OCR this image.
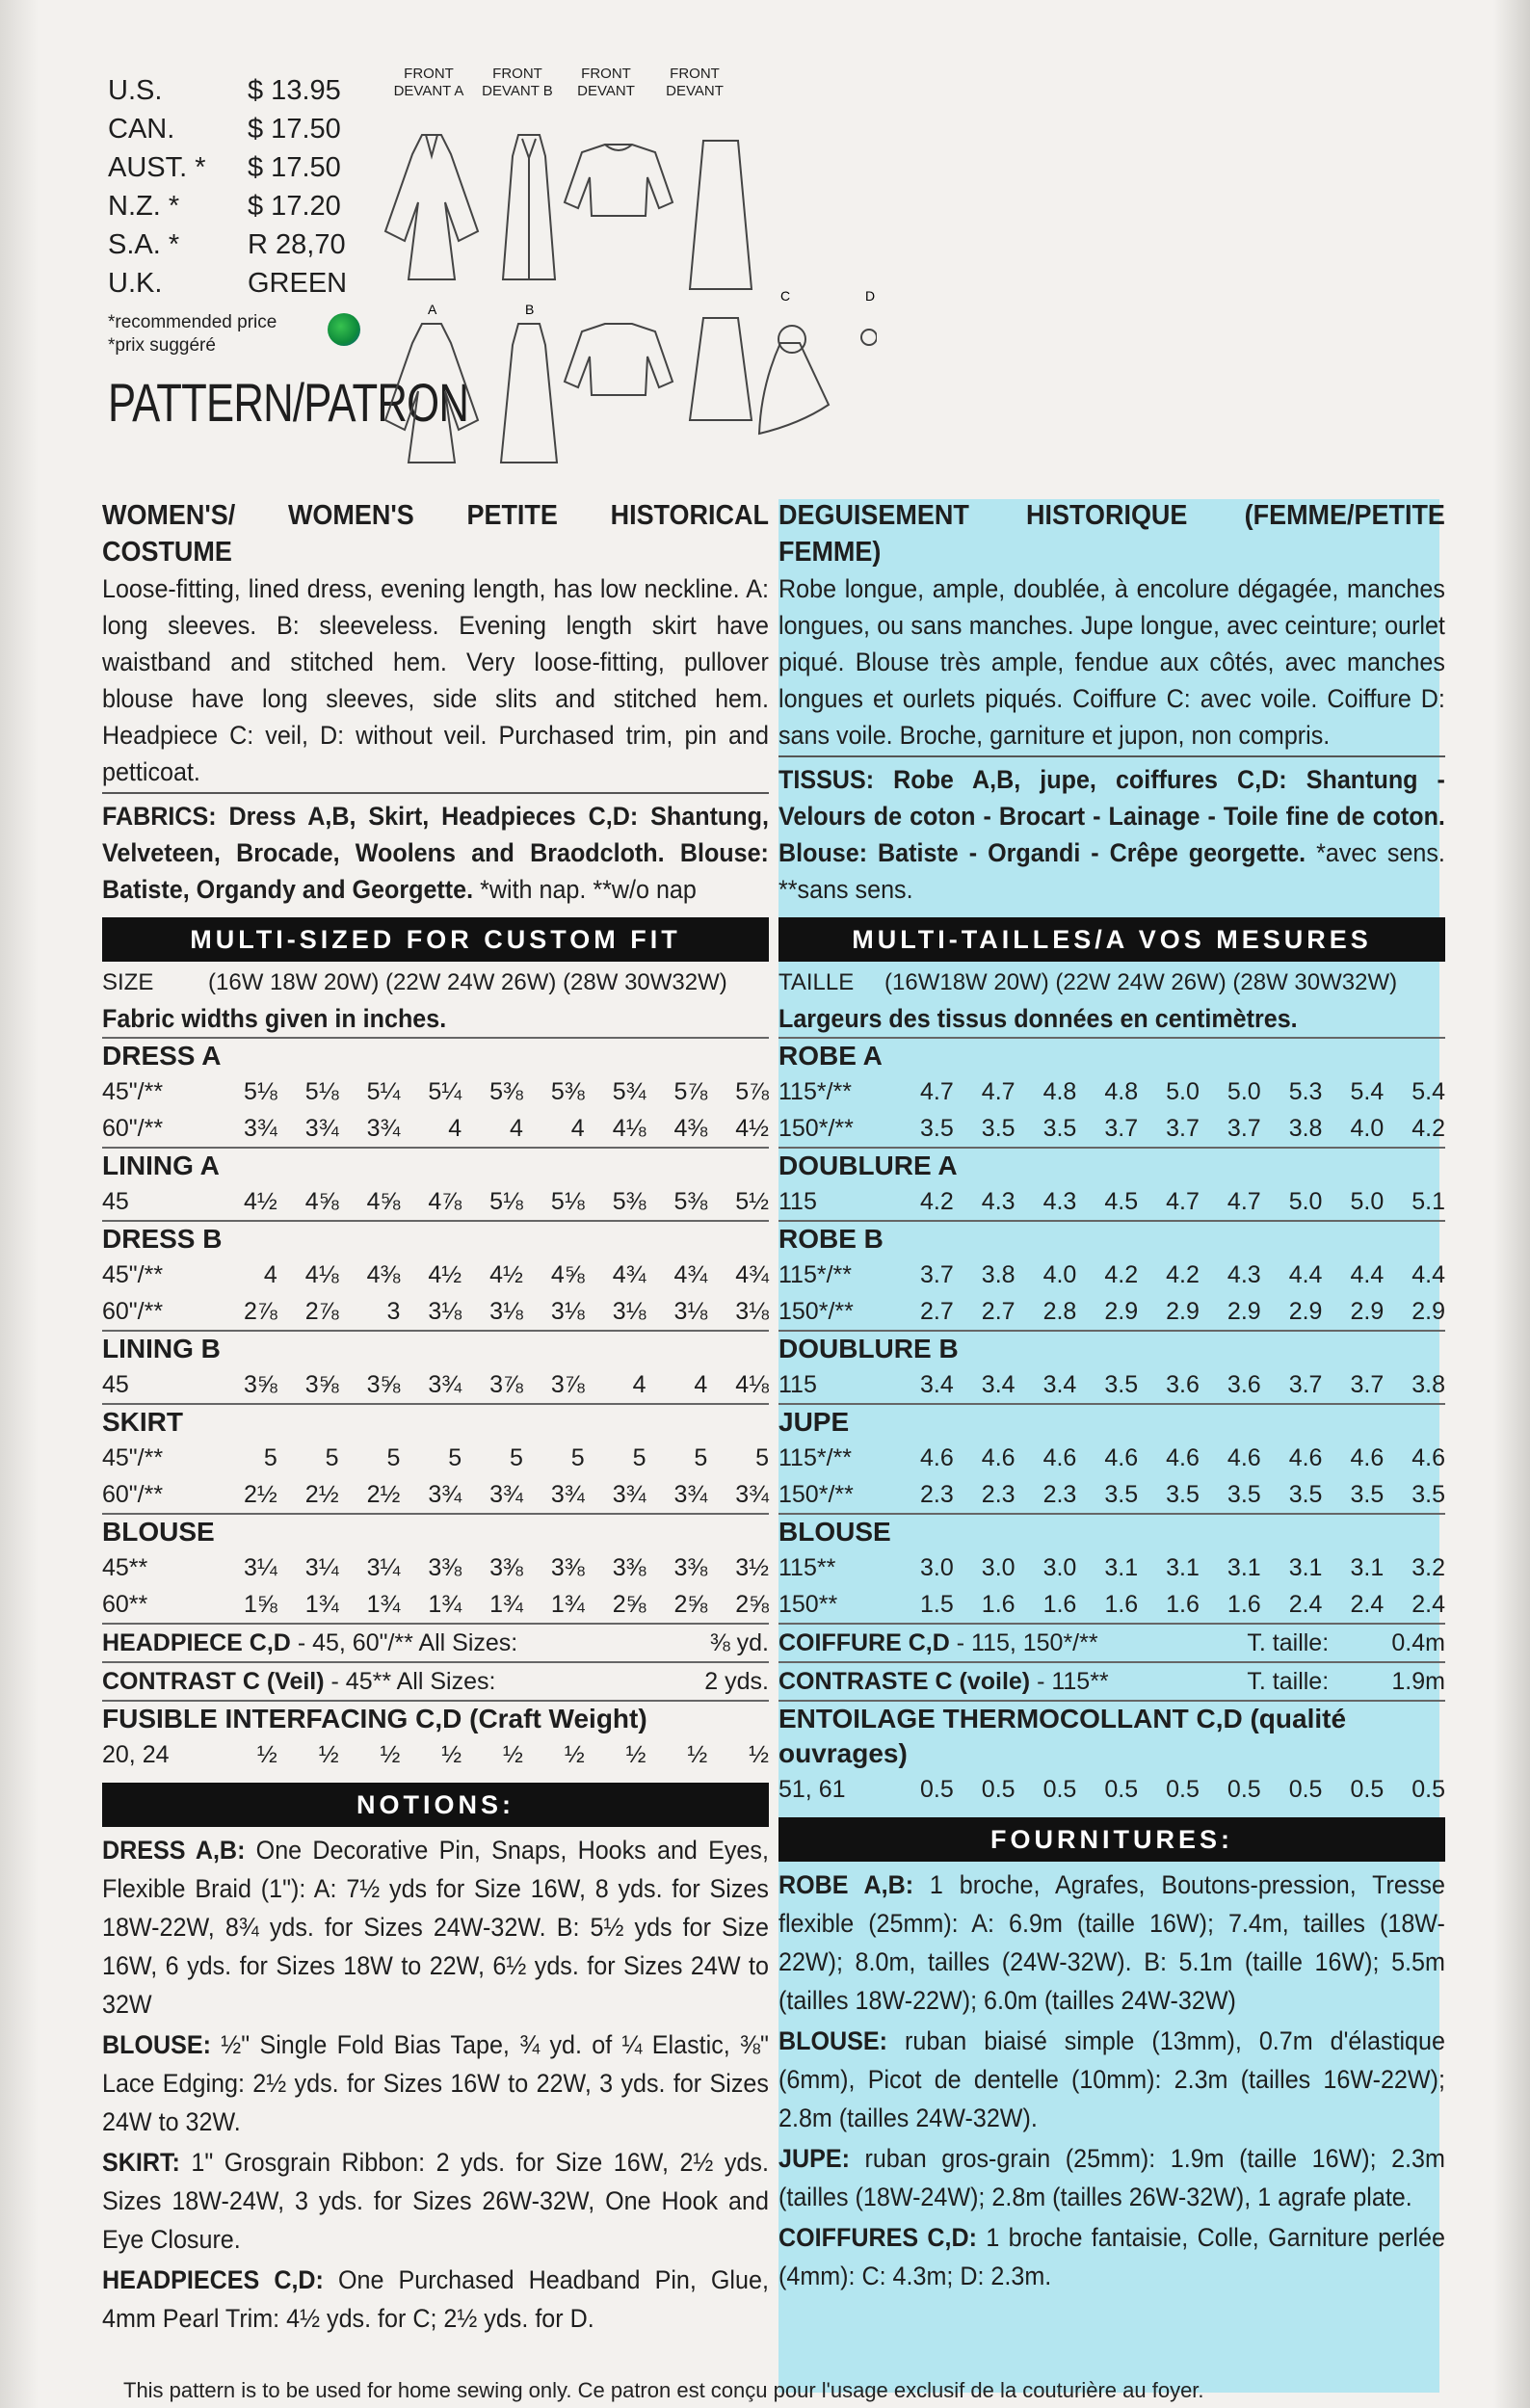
U.S.	$ 13.95
CAN.	$ 17.50
AUST. * $ 17.50
N.Z. * $ 17.20
S.A. * R 28,70
U.K.	GREEN
*recommended price
*prix suggéré
PATTERN/PATRON
FRONT DEVANT A
FRONT DEVANT B
FRONT DEVANT
FRONT DEVANT
A	B
C	D
WOMEN'S/ WOMEN'S PETITE HISTORICAL COSTUME
Loose-fitting, lined dress, evening length, has low neckline. A: long sleeves. B: sleeveless. Evening length skirt have waistband and stitched hem. Very loose-fitting, pullover blouse have long sleeves, side slits and stitched hem. Headpiece C: veil, D: without veil. Purchased trim, pin and petticoat.
FABRICS: Dress A,B, Skirt, Headpieces C,D: Shantung, Velveteen, Brocade, Woolens and Braodcloth. Blouse: Batiste, Organdy and Georgette. *with nap. **w/o nap
MULTI-SIZED FOR CUSTOM FIT
SIZE (16W 18W 20W) (22W 24W 26W) (28W 30W32W)
Fabric widths given in inches.
DRESS A
45"/**	5⅛	5⅛	5¼	5¼	5⅜	5⅜	5¾	5⅞	5⅞
60"/**	3¾	3¾	3¾	4	4	4	4⅛	4⅜	4½
LINING A
45	4½	4⅝	4⅝	4⅞	5⅛	5⅛	5⅜	5⅜	5½
DRESS B
45"/**	4	4⅛	4⅜	4½	4½	4⅝	4¾	4¾	4¾
60"/**	2⅞	2⅞	3	3⅛	3⅛	3⅛	3⅛	3⅛	3⅛
LINING B
45	3⅝	3⅝	3⅝	3¾	3⅞	3⅞	4	4	4⅛
SKIRT
45"/**	5	5	5	5	5	5	5	5	5
60"/**	2½	2½	2½	3¾	3¾	3¾	3¾	3¾	3¾
BLOUSE
45**	3¼	3¼	3¼	3⅜	3⅜	3⅜	3⅜	3⅜	3½
60**	1⅝	1¾	1¾	1¾	1¾	1¾	2⅝	2⅝	2⅝
HEADPIECE C,D - 45, 60"/** All Sizes:	⅜ yd.
CONTRAST C (Veil) - 45** All Sizes:	2 yds.
FUSIBLE INTERFACING C,D (Craft Weight)
20, 24	½	½	½	½	½	½	½	½	½
NOTIONS:

DRESS A,B: One Decorative Pin, Snaps, Hooks and Eyes, Flexible Braid (1"): A: 7½ yds for Size 16W, 8 yds. for Sizes 18W-22W, 8¾ yds. for Sizes 24W-32W. B: 5½ yds for Size 16W, 6 yds. for Sizes 18W to 22W, 6½ yds. for Sizes 24W to 32W

BLOUSE: ½" Single Fold Bias Tape, ¾ yd. of ¼ Elastic, ⅜" Lace Edging: 2½ yds. for Sizes 16W to 22W, 3 yds. for Sizes 24W to 32W.

SKIRT: 1" Grosgrain Ribbon: 2 yds. for Size 16W, 2½ yds. Sizes 18W-24W, 3 yds. for Sizes 26W-32W, One Hook and Eye Closure.

HEADPIECES C,D: One Purchased Headband Pin, Glue, 4mm Pearl Trim: 4½ yds. for C; 2½ yds. for D.

DEGUISEMENT HISTORIQUE (FEMME/PETITE FEMME)
Robe longue, ample, doublée, à encolure dégagée, manches longues, ou sans manches. Jupe longue, avec ceinture; ourlet piqué. Blouse très ample, fendue aux côtés, avec manches longues et ourlets piqués. Coiffure C: avec voile. Coiffure D: sans voile. Broche, garniture et jupon, non compris.
TISSUS: Robe A,B, jupe, coiffures C,D: Shantung - Velours de coton - Brocart - Lainage - Toile fine de coton. Blouse: Batiste - Organdi - Crêpe georgette. *avec sens. **sans sens.
MULTI-TAILLES/A VOS MESURES
TAILLE (16W18W 20W) (22W 24W 26W) (28W 30W32W)
Largeurs des tissus données en centimètres.
ROBE A
115*/**	4.7	4.7	4.8	4.8	5.0	5.0	5.3	5.4	5.4
150*/**	3.5	3.5	3.5	3.7	3.7	3.7	3.8	4.0	4.2
DOUBLURE A
115	4.2	4.3	4.3	4.5	4.7	4.7	5.0	5.0	5.1
ROBE B
115*/**	3.7	3.8	4.0	4.2	4.2	4.3	4.4	4.4	4.4
150*/**	2.7	2.7	2.8	2.9	2.9	2.9	2.9	2.9	2.9
DOUBLURE B
115	3.4	3.4	3.4	3.5	3.6	3.6	3.7	3.7	3.8
JUPE
115*/**	4.6	4.6	4.6	4.6	4.6	4.6	4.6	4.6	4.6
150*/**	2.3	2.3	2.3	3.5	3.5	3.5	3.5	3.5	3.5
BLOUSE
115**	3.0	3.0	3.0	3.1	3.1	3.1	3.1	3.1	3.2
150**	1.5	1.6	1.6	1.6	1.6	1.6	2.4	2.4	2.4
COIFFURE C,D - 115, 150*/**	T. taille:	0.4m
CONTRASTE C (voile) - 115**	T. taille:	1.9m
ENTOILAGE THERMOCOLLANT C,D (qualité ouvrages)
51, 61	0.5	0.5	0.5	0.5	0.5	0.5	0.5	0.5	0.5
FOURNITURES:

ROBE A,B: 1 broche, Agrafes, Boutons-pression, Tresse flexible (25mm): A: 6.9m (taille 16W); 7.4m, tailles (18W-22W); 8.0m, tailles (24W-32W). B: 5.1m (taille 16W); 5.5m (tailles 18W-22W); 6.0m (tailles 24W-32W)

BLOUSE: ruban biaisé simple (13mm), 0.7m d'élastique (6mm), Picot de dentelle (10mm): 2.3m (tailles 16W-22W); 2.8m (tailles 24W-32W).

JUPE: ruban gros-grain (25mm): 1.9m (taille 16W); 2.3m (tailles (18W-24W); 2.8m (tailles 26W-32W), 1 agrafe plate.

COIFFURES C,D: 1 broche fantaisie, Colle, Garniture perlée (4mm): C: 4.3m; D: 2.3m.

This pattern is to be used for home sewing only. Ce patron est conçu pour l'usage exclusif de la couturière au foyer.
